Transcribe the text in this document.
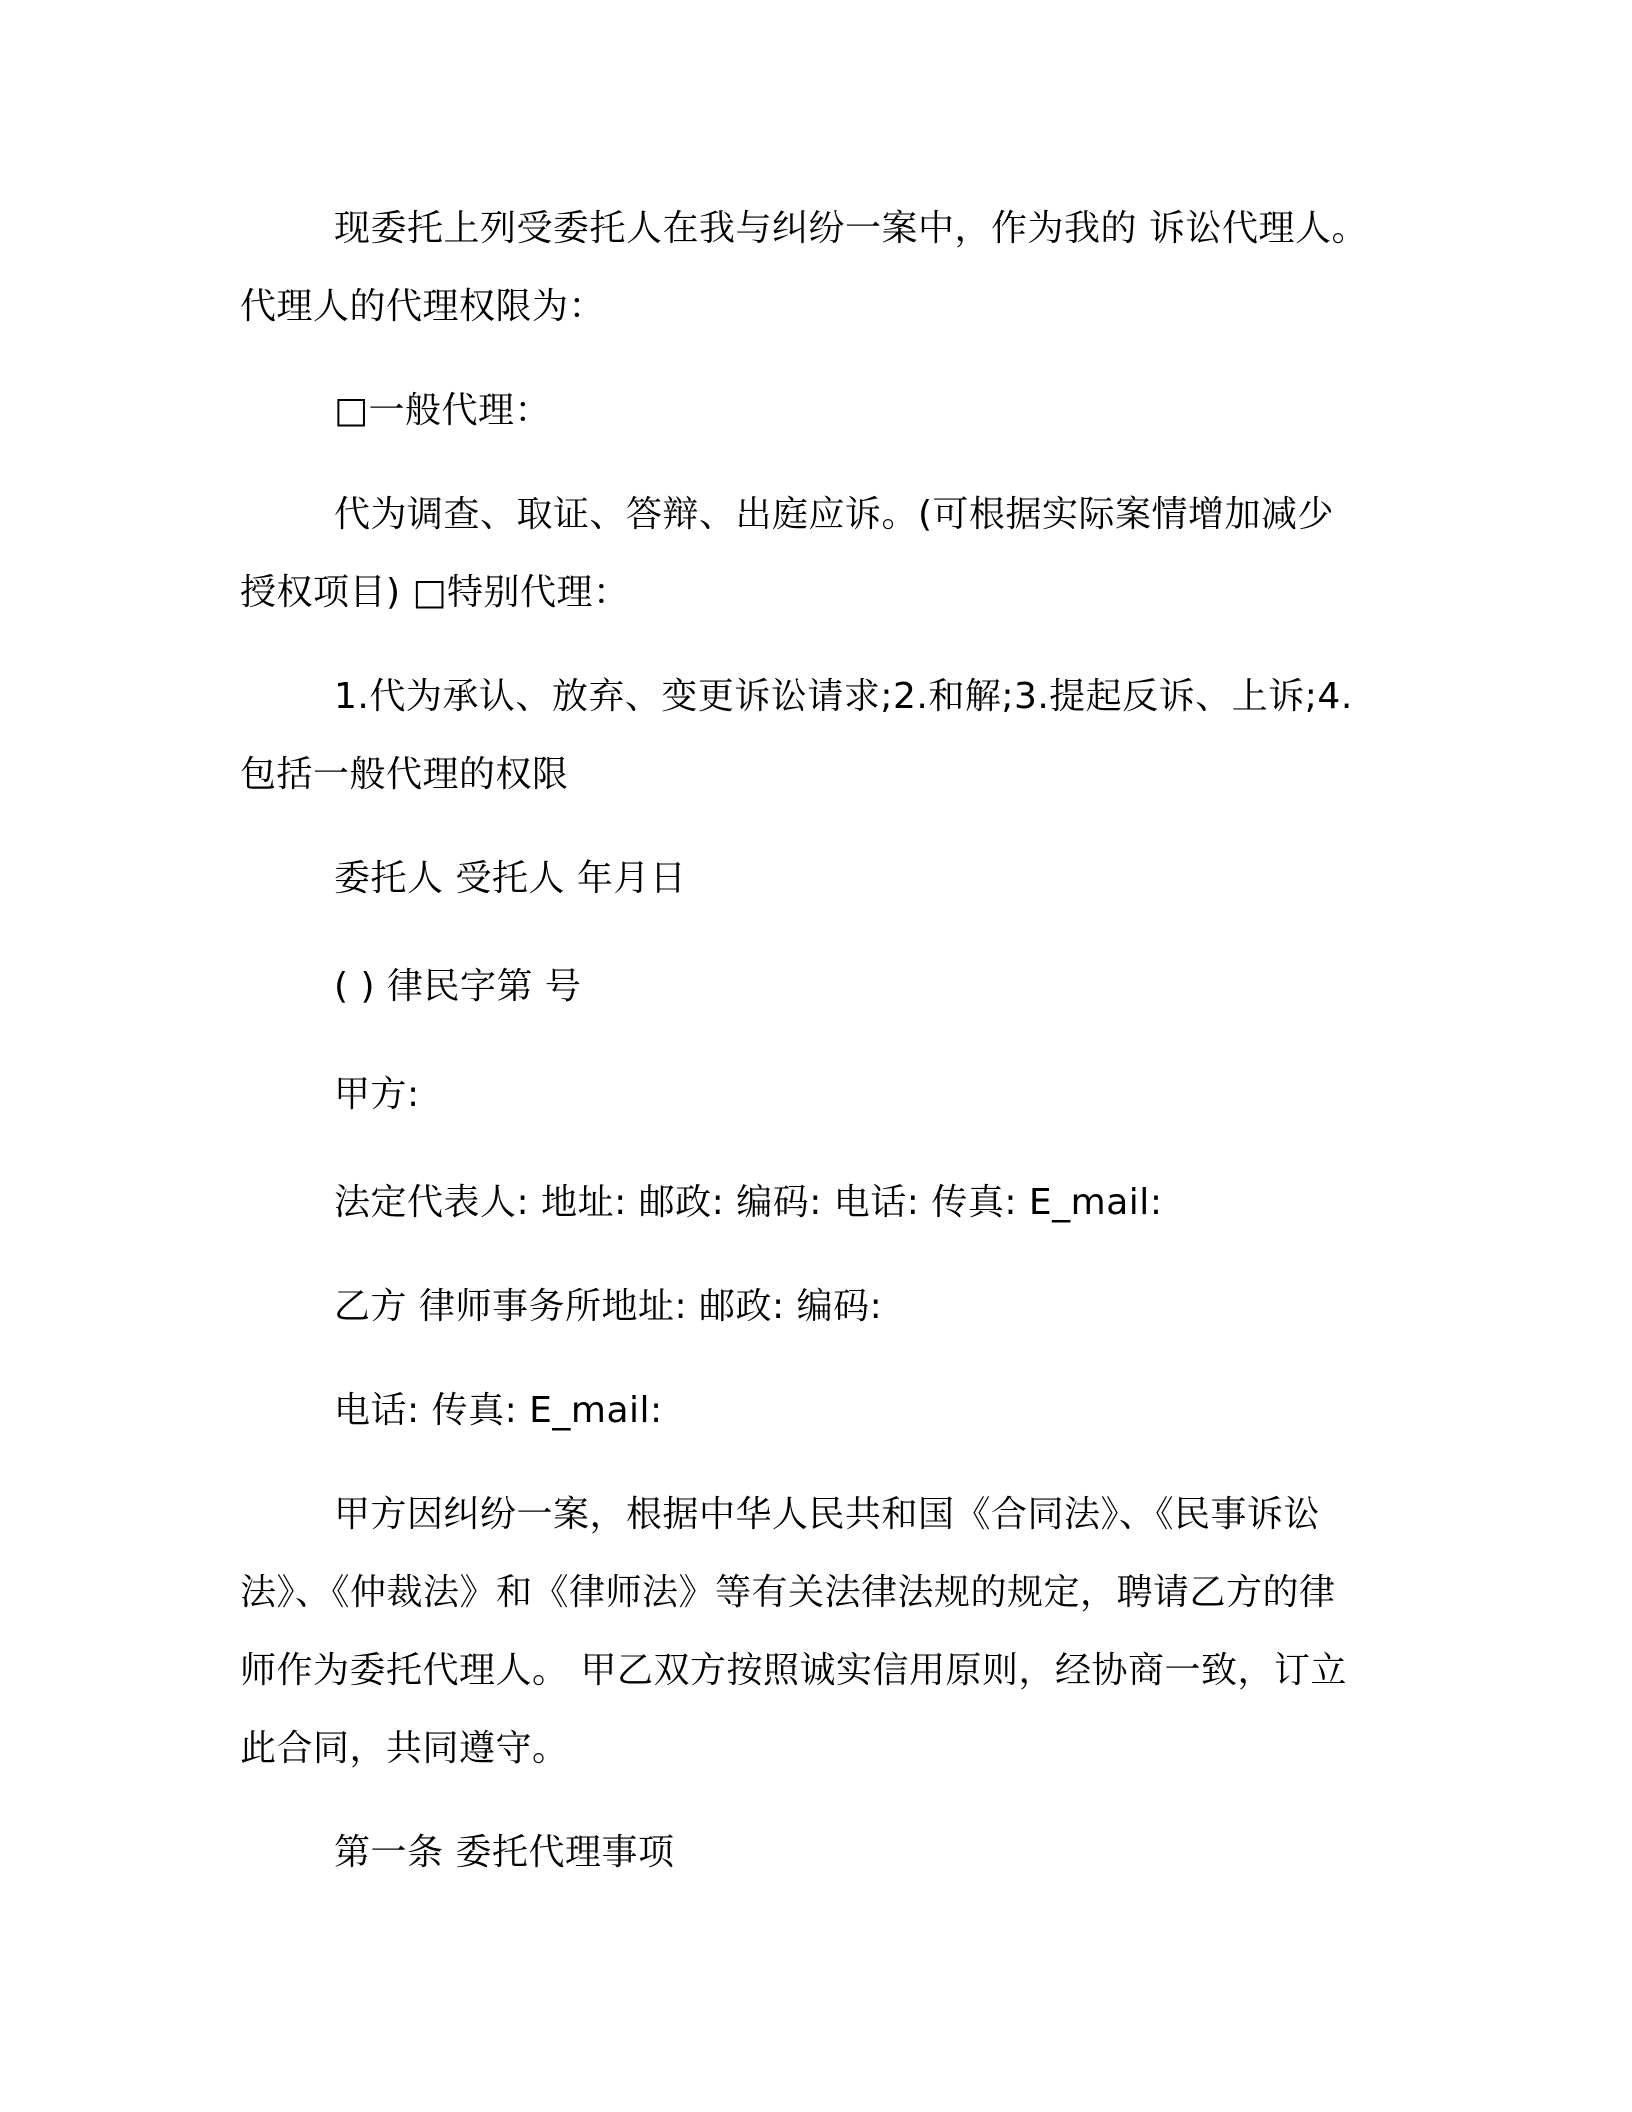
现委托上列受委托人在我与纠纷一案中，作为我的 诉讼代理人。代理人的代理权限为：

□一般代理：

代为调查、取证、答辩、出庭应诉。(可根据实际案情增加减少授权项目) □特别代理：

1.代为承认、放弃、变更诉讼请求;2.和解;3.提起反诉、上诉;4.包括一般代理的权限

委托人 受托人 年月日

( ) 律民字第 号

甲方:

法定代表人: 地址: 邮政: 编码: 电话: 传真: E_mail:

乙方 律师事务所地址: 邮政: 编码:

电话: 传真: E_mail:

甲方因纠纷一案，根据中华人民共和国《合同法》、《民事诉讼法》、《仲裁法》和《律师法》等有关法律法规的规定，聘请乙方的律师作为委托代理人。 甲乙双方按照诚实信用原则，经协商一致，订立此合同，共同遵守。

第一条 委托代理事项
